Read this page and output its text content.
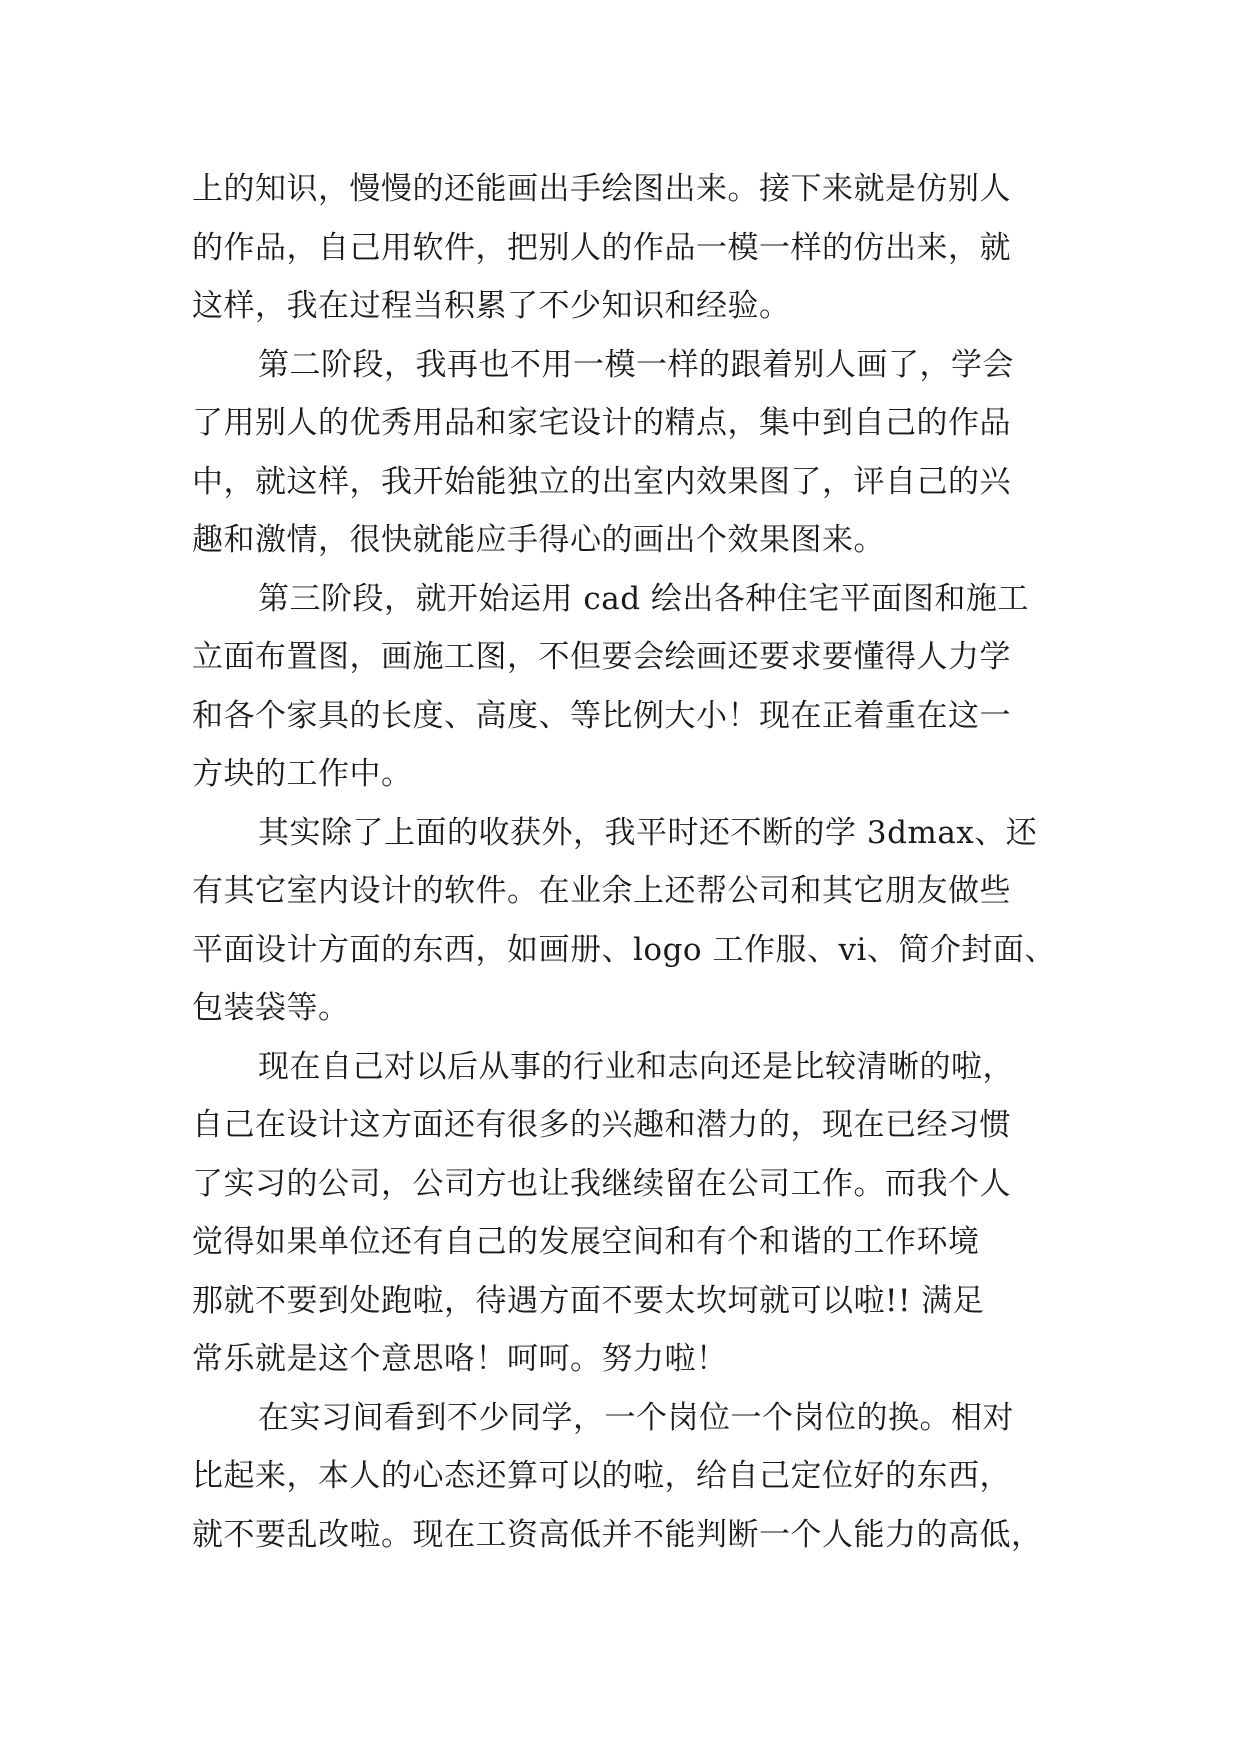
上的知识，慢慢的还能画出手绘图出来。接下来就是仿别人
的作品，自己用软件，把别人的作品一模一样的仿出来，就
这样，我在过程当积累了不少知识和经验。
第二阶段，我再也不用一模一样的跟着别人画了，学会
了用别人的优秀用品和家宅设计的精点，集中到自己的作品
中，就这样，我开始能独立的出室内效果图了，评自己的兴
趣和激情，很快就能应手得心的画出个效果图来。
第三阶段，就开始运用 cad 绘出各种住宅平面图和施工
立面布置图，画施工图，不但要会绘画还要求要懂得人力学
和各个家具的长度、高度、等比例大小！现在正着重在这一
方块的工作中。
其实除了上面的收获外，我平时还不断的学 3dmax、还
有其它室内设计的软件。在业余上还帮公司和其它朋友做些
平面设计方面的东西，如画册、logo 工作服、vi、简介封面、
包装袋等。
现在自己对以后从事的行业和志向还是比较清晰的啦，
自己在设计这方面还有很多的兴趣和潜力的，现在已经习惯
了实习的公司，公司方也让我继续留在公司工作。而我个人
觉得如果单位还有自己的发展空间和有个和谐的工作环境
那就不要到处跑啦，待遇方面不要太坎坷就可以啦!! 满足
常乐就是这个意思咯！呵呵。努力啦！
在实习间看到不少同学，一个岗位一个岗位的换。相对
比起来，本人的心态还算可以的啦，给自己定位好的东西，
就不要乱改啦。现在工资高低并不能判断一个人能力的高低，
